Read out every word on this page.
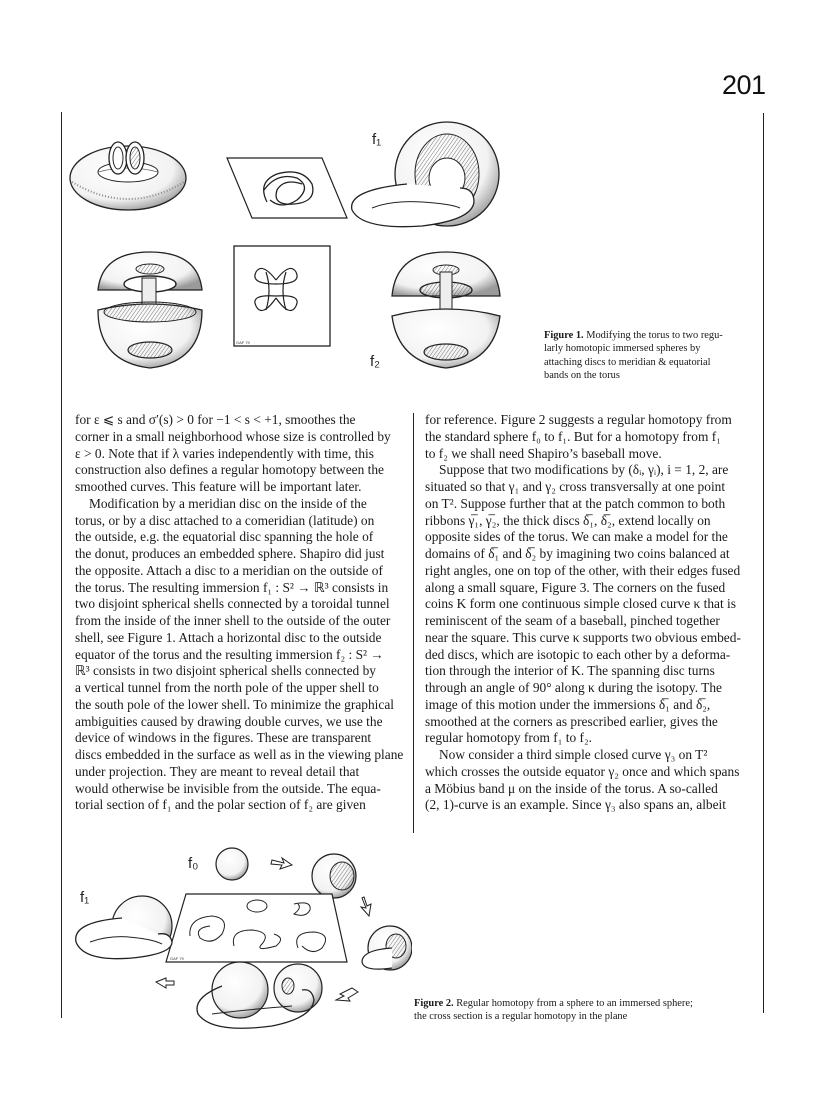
201
f₁
GAF 79
f₂
Figure 1. Modifying the torus to two regu-
larly homotopic immersed spheres by
attaching discs to meridian & equatorial
bands on the torus

for ε ⩽ s and σ′(s) > 0 for −1 < s < +1, smoothes the

corner in a small neighborhood whose size is controlled by

ε > 0. Note that if λ varies independently with time, this

construction also defines a regular homotopy between the

smoothed curves. This feature will be important later.

Modification by a meridian disc on the inside of the

torus, or by a disc attached to a comeridian (latitude) on

the outside, e.g. the equatorial disc spanning the hole of

the donut, produces an embedded sphere. Shapiro did just

the opposite. Attach a disc to a meridian on the outside of

the torus. The resulting immersion f₁ : S² → ℝ³ consists in

two disjoint spherical shells connected by a toroidal tunnel

from the inside of the inner shell to the outside of the outer

shell, see Figure 1. Attach a horizontal disc to the outside

equator of the torus and the resulting immersion f₂ : S² →

ℝ³ consists in two disjoint spherical shells connected by

a vertical tunnel from the north pole of the upper shell to

the south pole of the lower shell. To minimize the graphical

ambiguities caused by drawing double curves, we use the

device of windows in the figures. These are transparent

discs embedded in the surface as well as in the viewing plane

under projection. They are meant to reveal detail that

would otherwise be invisible from the outside. The equa-

torial section of f₁ and the polar section of f₂ are given

for reference. Figure 2 suggests a regular homotopy from

the standard sphere f₀ to f₁. But for a homotopy from f₁

to f₂ we shall need Shapiro’s baseball move.

Suppose that two modifications by (δᵢ, γᵢ), i = 1, 2, are

situated so that γ₁ and γ₂ cross transversally at one point

on T². Suppose further that at the patch common to both

ribbons γ̅₁, γ̅₂, the thick discs δ̅₁, δ̅₂, extend locally on

opposite sides of the torus. We can make a model for the

domains of δ̅₁ and δ̅₂ by imagining two coins balanced at

right angles, one on top of the other, with their edges fused

along a small square, Figure 3. The corners on the fused

coins K form one continuous simple closed curve κ that is

reminiscent of the seam of a baseball, pinched together

near the square. This curve κ supports two obvious embed-

ded discs, which are isotopic to each other by a deforma-

tion through the interior of K. The spanning disc turns

through an angle of 90° along κ during the isotopy. The

image of this motion under the immersions δ̅₁ and δ̅₂,

smoothed at the corners as prescribed earlier, gives the

regular homotopy from f₁ to f₂.

Now consider a third simple closed curve γ₃ on T²

which crosses the outside equator γ₂ once and which spans

a Möbius band μ on the inside of the torus. A so-called

(2, 1)-curve is an example. Since γ₃ also spans an, albeit

f₀
f₁
GAF 79
Figure 2. Regular homotopy from a sphere to an immersed sphere;
the cross section is a regular homotopy in the plane
